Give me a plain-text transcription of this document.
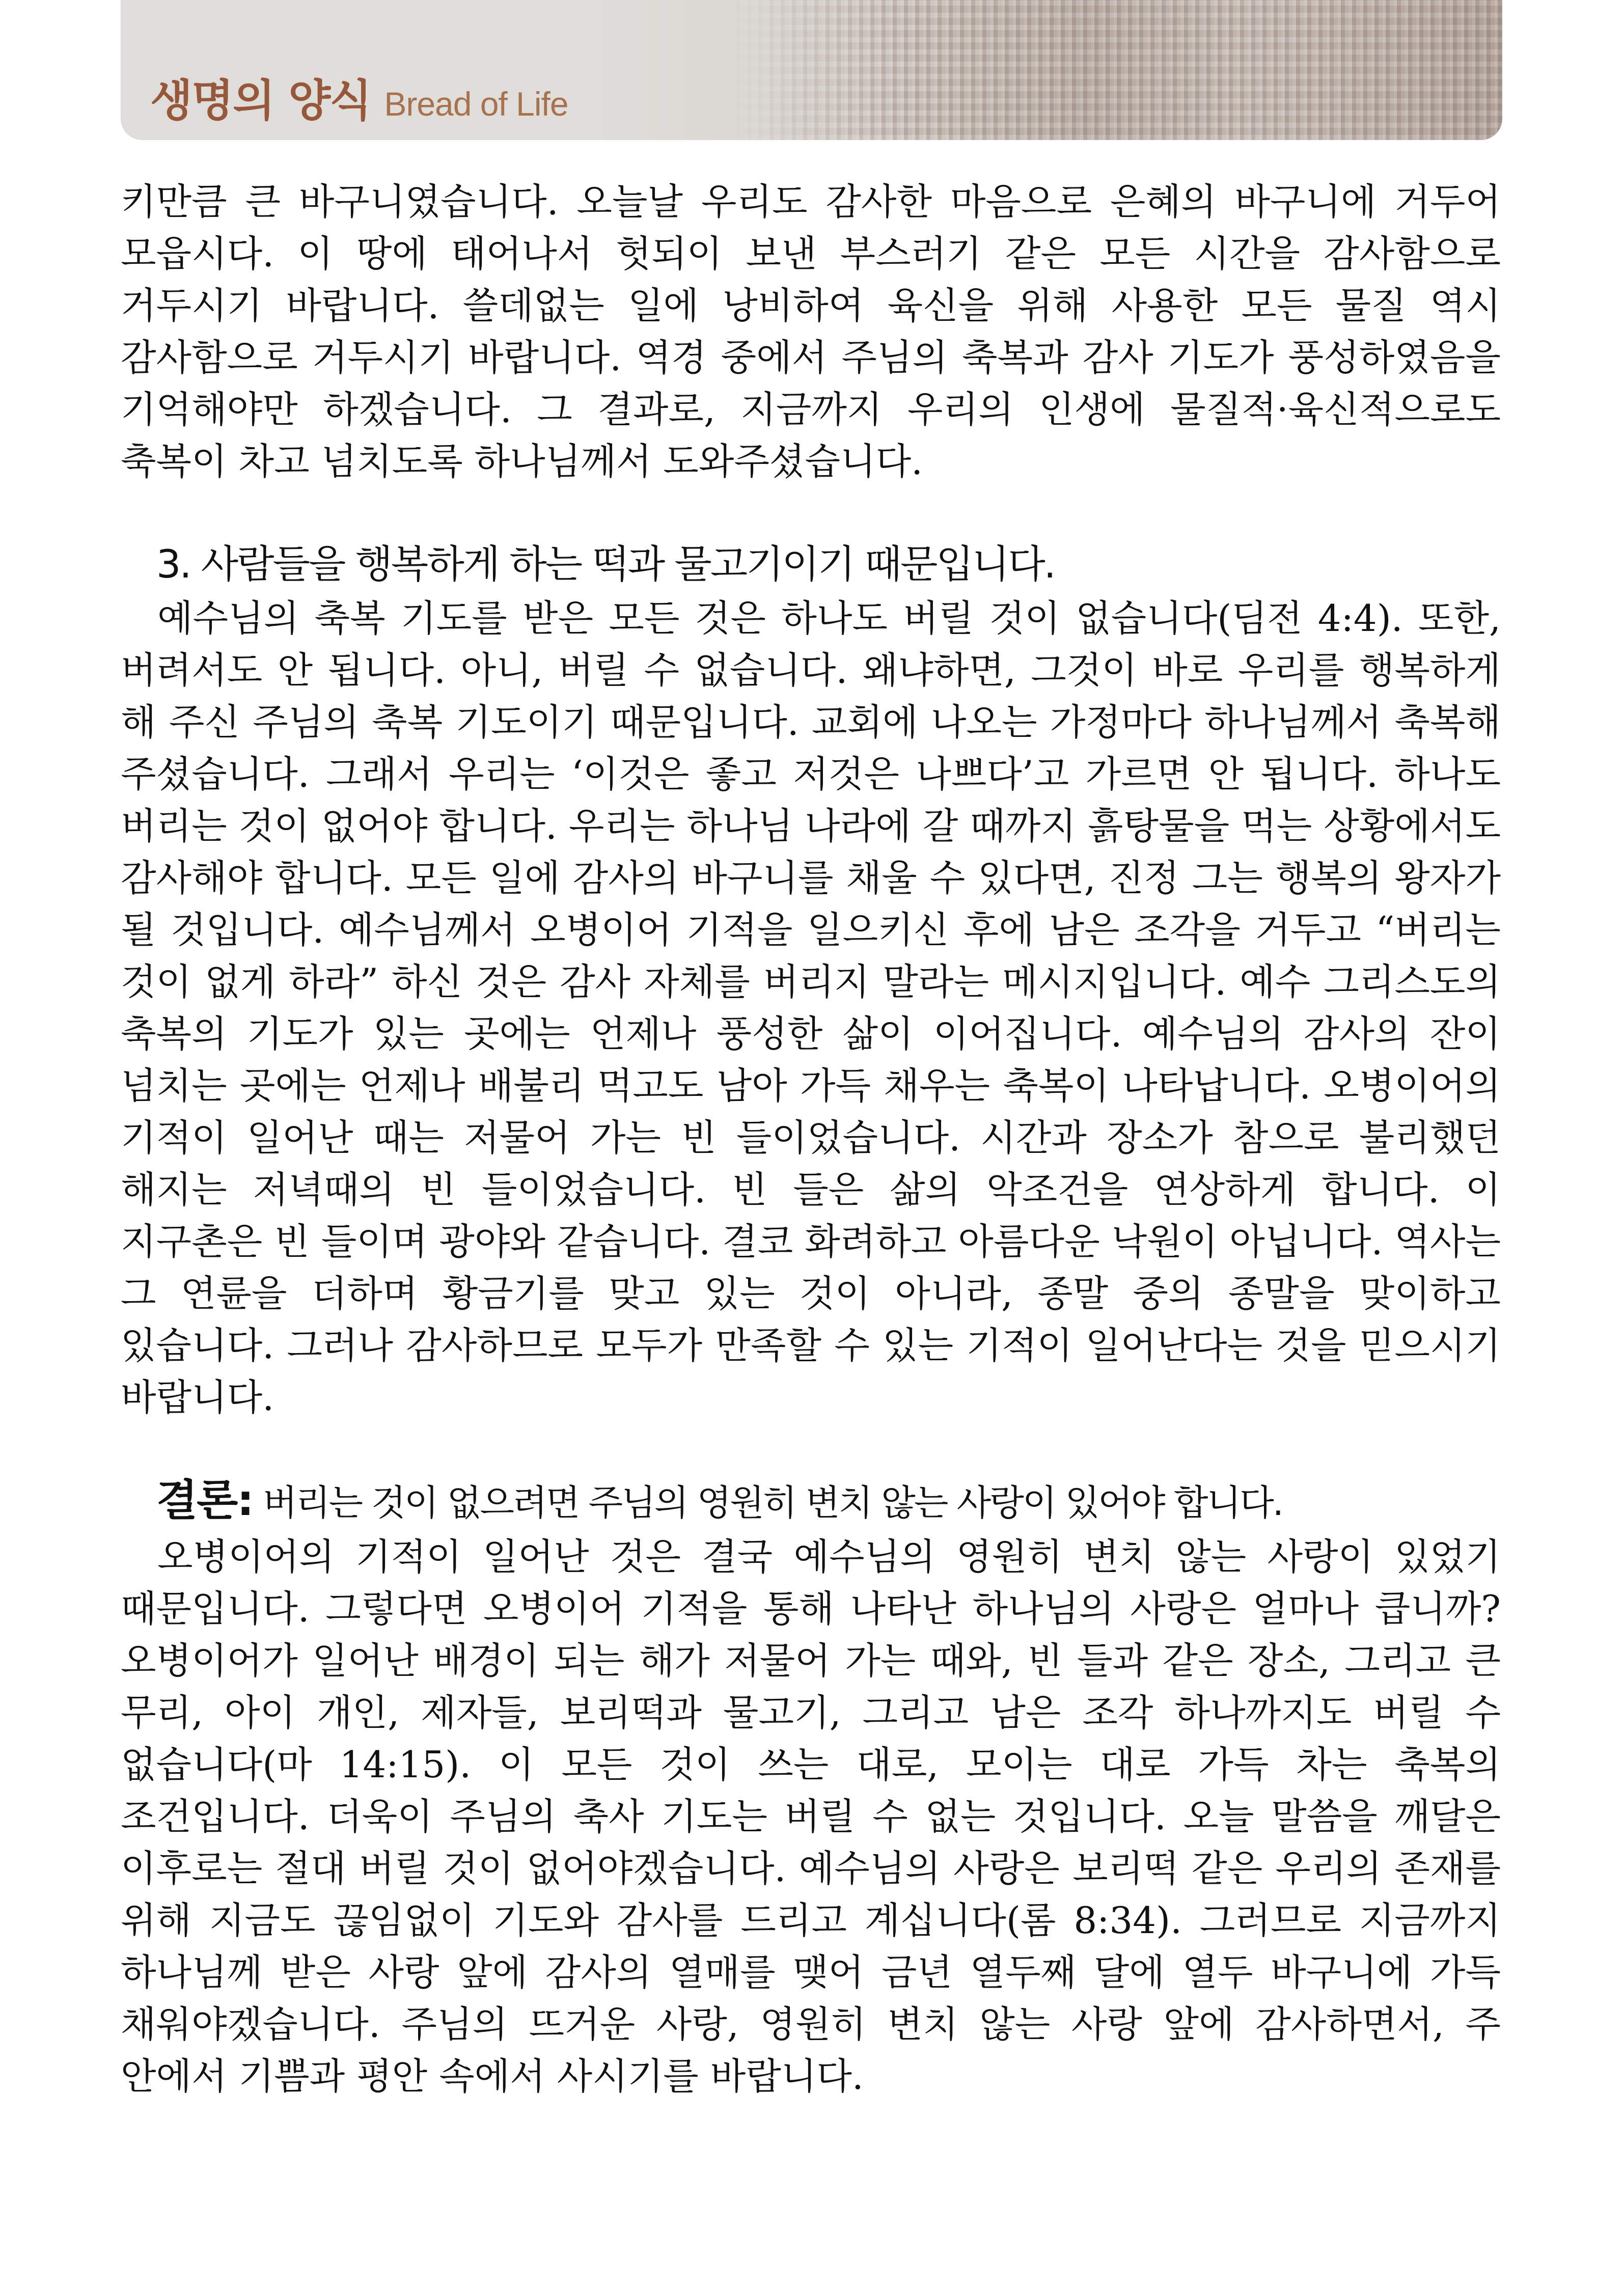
생명의 양식 Bread of Life

키만큼 큰 바구니였습니다. 오늘날 우리도 감사한 마음으로 은혜의 바구니에 거두어 모읍시다. 이 땅에 태어나서 헛되이 보낸 부스러기 같은 모든 시간을 감사함으로 거두시기 바랍니다. 쓸데없는 일에 낭비하여 육신을 위해 사용한 모든 물질 역시 감사함으로 거두시기 바랍니다. 역경 중에서 주님의 축복과 감사 기도가 풍성하였음을 기억해야만 하겠습니다. 그 결과로, 지금까지 우리의 인생에 물질적·육신적으로도 축복이 차고 넘치도록 하나님께서 도와주셨습니다.

3. 사람들을 행복하게 하는 떡과 물고기이기 때문입니다.

예수님의 축복 기도를 받은 모든 것은 하나도 버릴 것이 없습니다(딤전 4:4). 또한, 버려서도 안 됩니다. 아니, 버릴 수 없습니다. 왜냐하면, 그것이 바로 우리를 행복하게 해 주신 주님의 축복 기도이기 때문입니다. 교회에 나오는 가정마다 하나님께서 축복해 주셨습니다. 그래서 우리는 ‘이것은 좋고 저것은 나쁘다’고 가르면 안 됩니다. 하나도 버리는 것이 없어야 합니다. 우리는 하나님 나라에 갈 때까지 흙탕물을 먹는 상황에서도 감사해야 합니다. 모든 일에 감사의 바구니를 채울 수 있다면, 진정 그는 행복의 왕자가 될 것입니다. 예수님께서 오병이어 기적을 일으키신 후에 남은 조각을 거두고 “버리는 것이 없게 하라” 하신 것은 감사 자체를 버리지 말라는 메시지입니다. 예수 그리스도의 축복의 기도가 있는 곳에는 언제나 풍성한 삶이 이어집니다. 예수님의 감사의 잔이 넘치는 곳에는 언제나 배불리 먹고도 남아 가득 채우는 축복이 나타납니다. 오병이어의 기적이 일어난 때는 저물어 가는 빈 들이었습니다. 시간과 장소가 참으로 불리했던 해지는 저녁때의 빈 들이었습니다. 빈 들은 삶의 악조건을 연상하게 합니다. 이 지구촌은 빈 들이며 광야와 같습니다. 결코 화려하고 아름다운 낙원이 아닙니다. 역사는 그 연륜을 더하며 황금기를 맞고 있는 것이 아니라, 종말 중의 종말을 맞이하고 있습니다. 그러나 감사하므로 모두가 만족할 수 있는 기적이 일어난다는 것을 믿으시기 바랍니다.

결론: 버리는 것이 없으려면 주님의 영원히 변치 않는 사랑이 있어야 합니다.

오병이어의 기적이 일어난 것은 결국 예수님의 영원히 변치 않는 사랑이 있었기 때문입니다. 그렇다면 오병이어 기적을 통해 나타난 하나님의 사랑은 얼마나 큽니까? 오병이어가 일어난 배경이 되는 해가 저물어 가는 때와, 빈 들과 같은 장소, 그리고 큰 무리, 아이 개인, 제자들, 보리떡과 물고기, 그리고 남은 조각 하나까지도 버릴 수 없습니다(마 14:15). 이 모든 것이 쓰는 대로, 모이는 대로 가득 차는 축복의 조건입니다. 더욱이 주님의 축사 기도는 버릴 수 없는 것입니다. 오늘 말씀을 깨달은 이후로는 절대 버릴 것이 없어야겠습니다. 예수님의 사랑은 보리떡 같은 우리의 존재를 위해 지금도 끊임없이 기도와 감사를 드리고 계십니다(롬 8:34). 그러므로 지금까지 하나님께 받은 사랑 앞에 감사의 열매를 맺어 금년 열두째 달에 열두 바구니에 가득 채워야겠습니다. 주님의 뜨거운 사랑, 영원히 변치 않는 사랑 앞에 감사하면서, 주 안에서 기쁨과 평안 속에서 사시기를 바랍니다.
